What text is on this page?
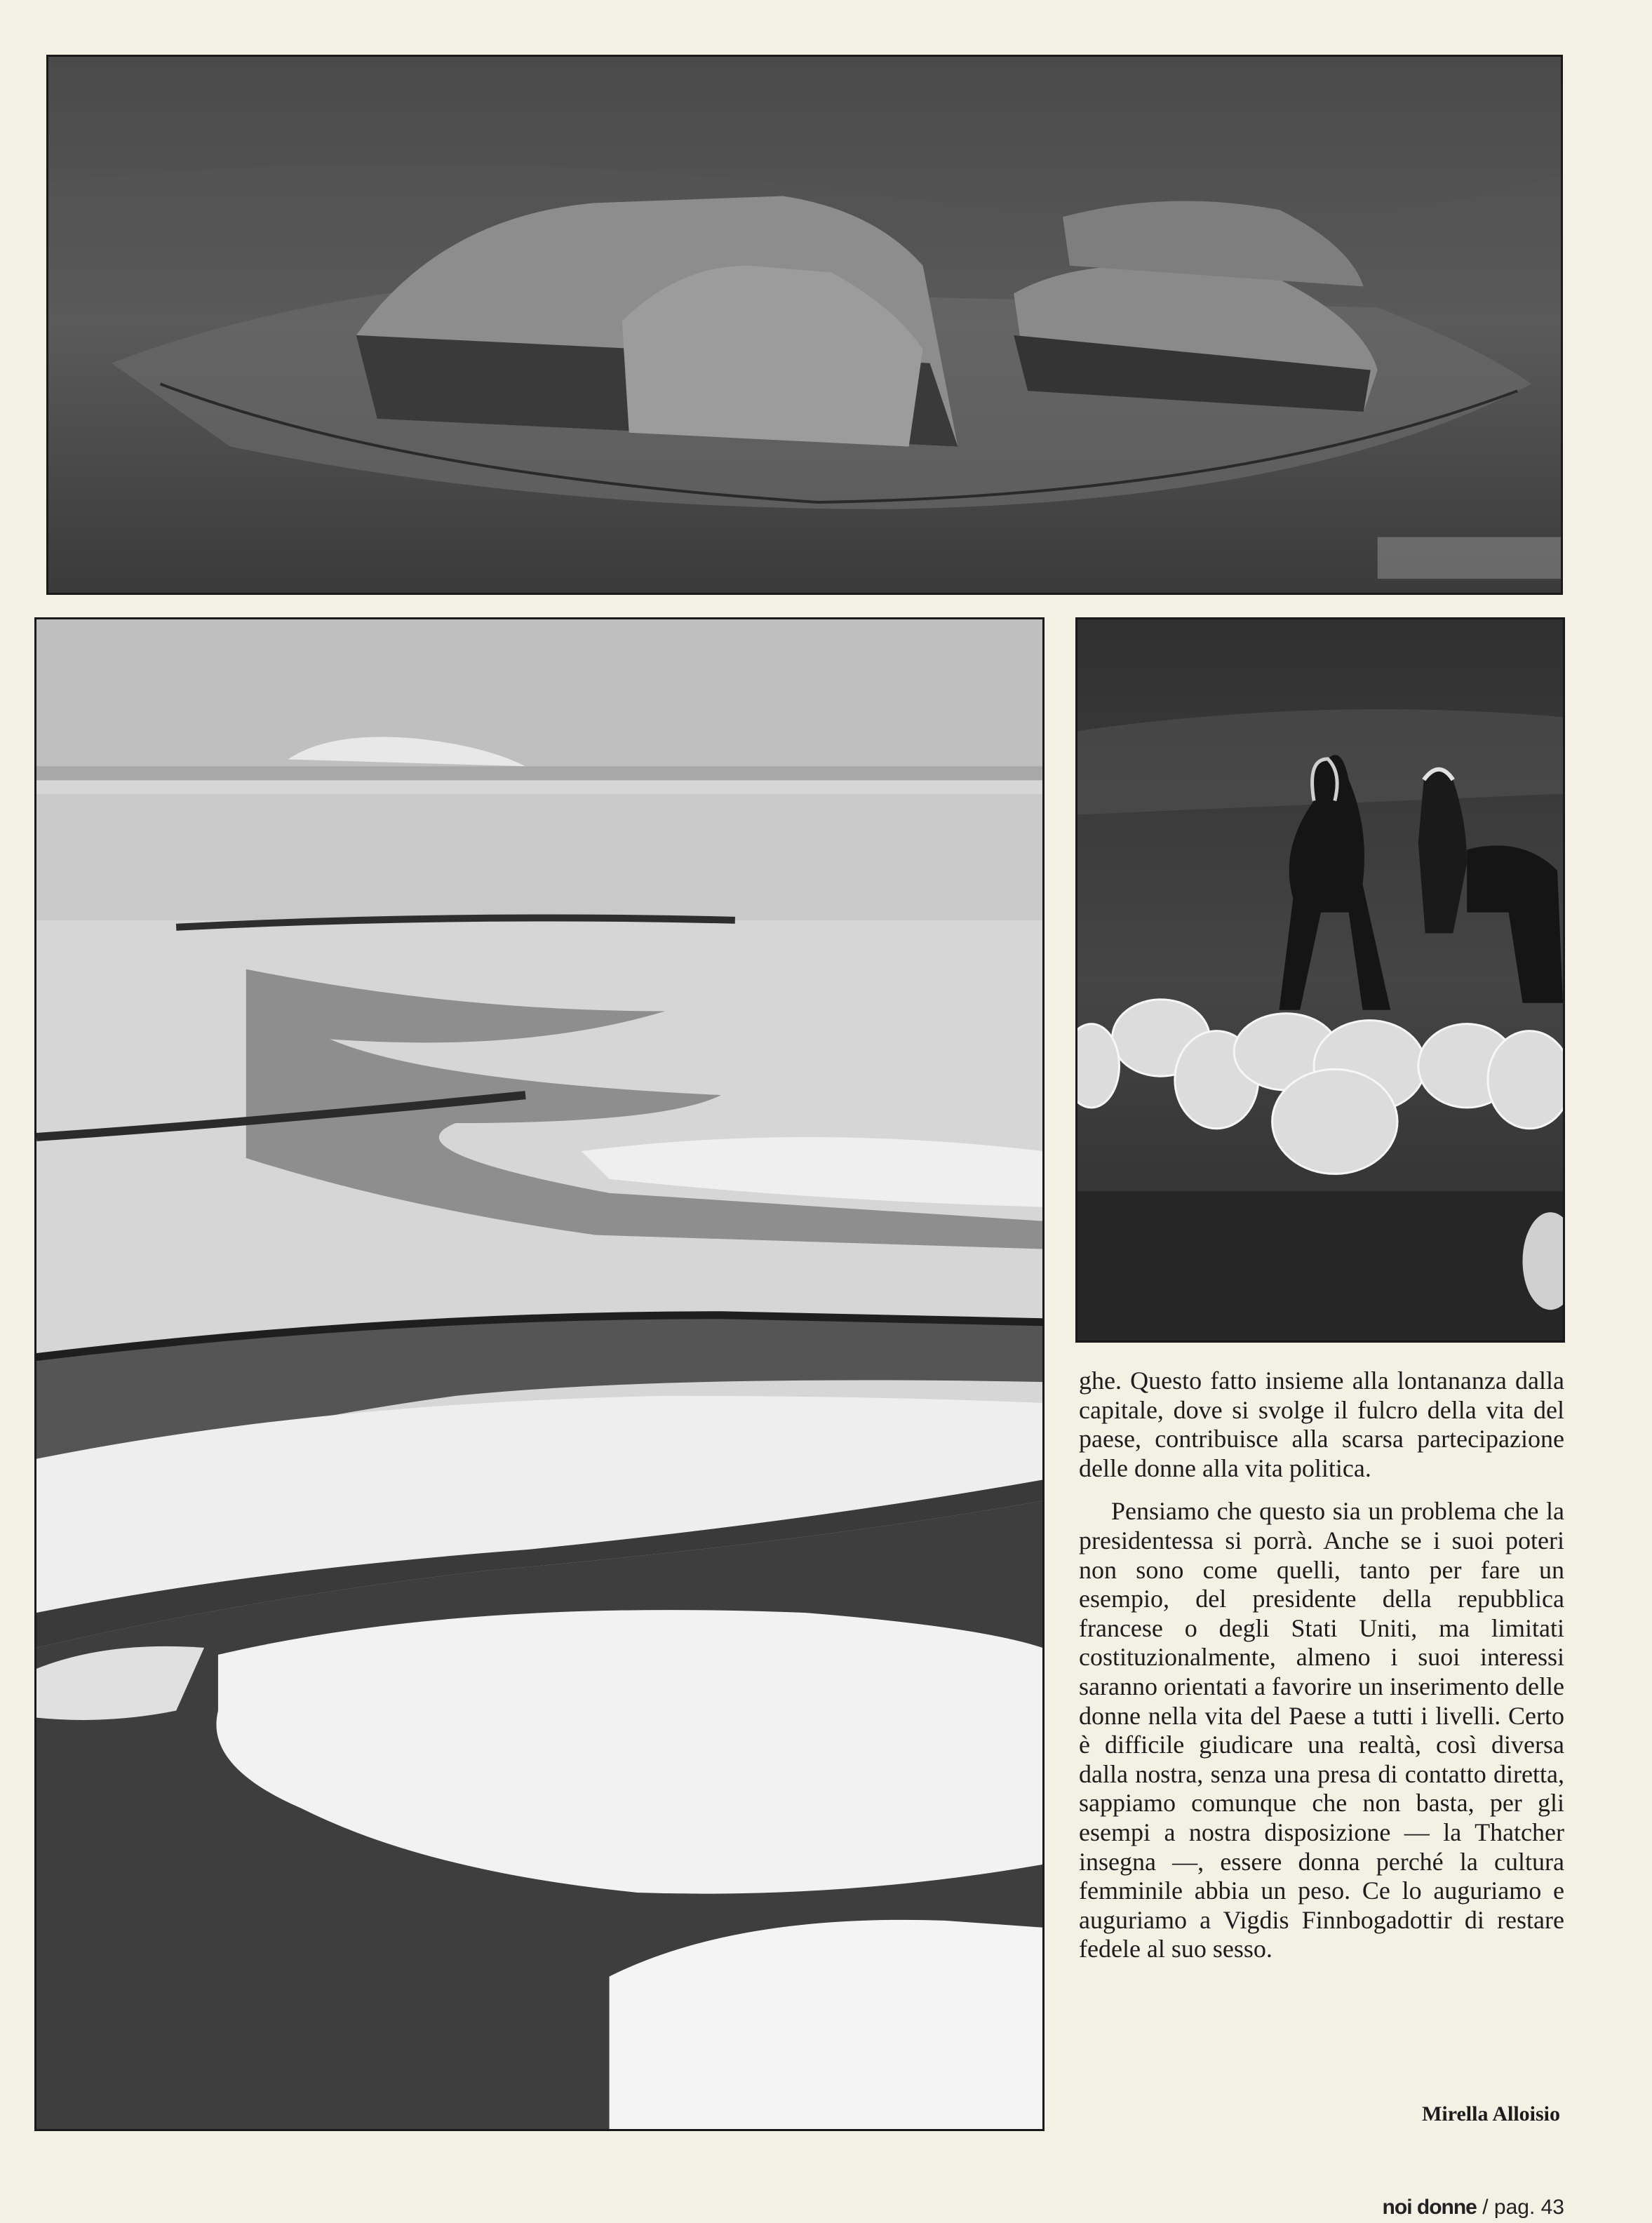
ghe. Questo fatto insieme alla lontananza dalla capitale, dove si svolge il fulcro della vita del paese, contribuisce alla scarsa partecipazione delle donne alla vita politica.

Pensiamo che questo sia un problema che la presidentessa si porrà. Anche se i suoi poteri non sono come quelli, tanto per fare un esempio, del presidente della repubblica francese o degli Stati Uniti, ma limitati costituzionalmente, almeno i suoi interessi saranno orientati a favorire un inserimento delle donne nella vita del Paese a tutti i livelli. Certo è difficile giudicare una realtà, così diversa dalla nostra, senza una presa di contatto diretta, sappiamo comunque che non basta, per gli esempi a nostra disposizione — la Thatcher insegna —, essere donna perché la cultura femminile abbia un peso. Ce lo auguriamo e auguriamo a Vigdis Finnbogadottir di restare fedele al suo sesso.

Mirella Alloisio
noi donne / pag. 43
